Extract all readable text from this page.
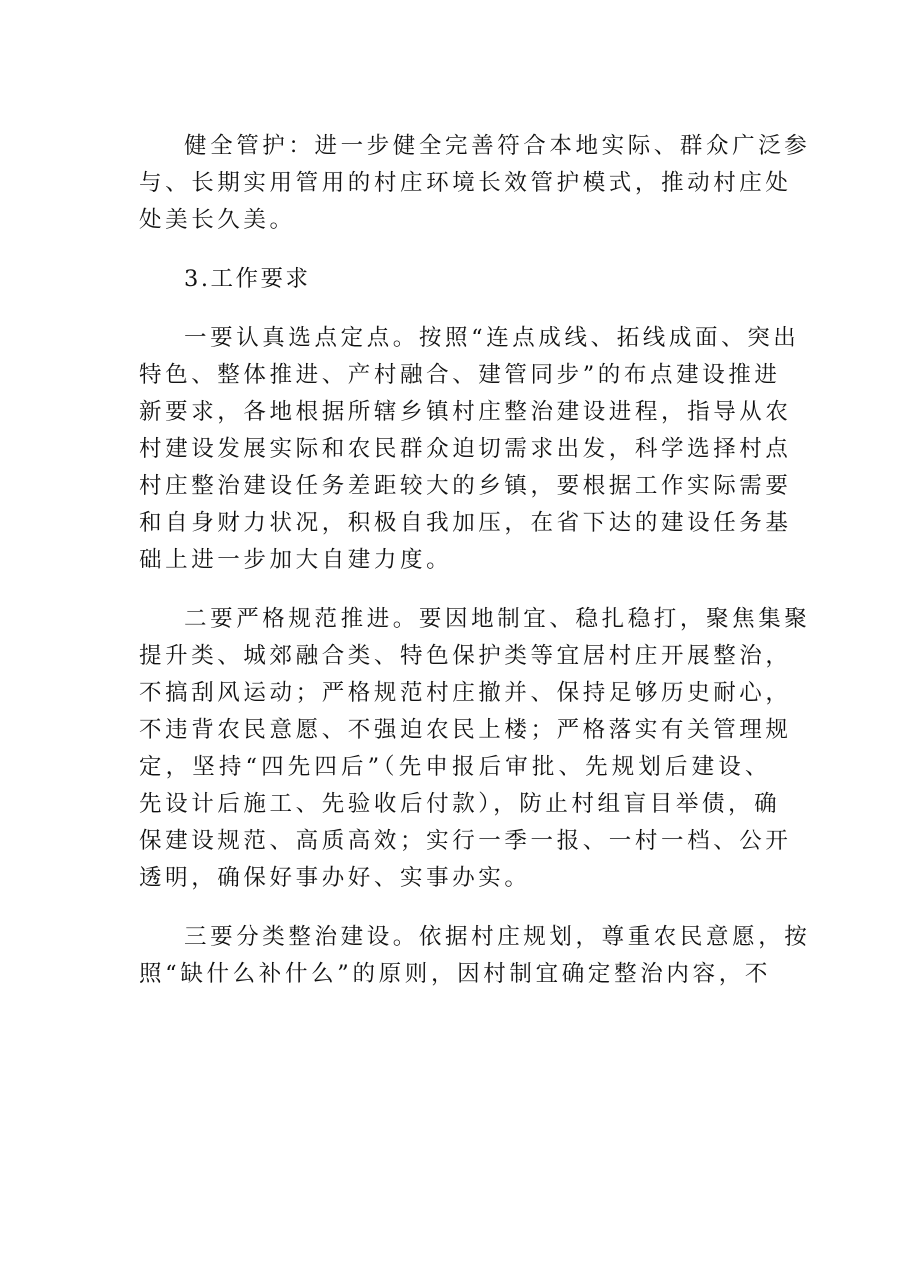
健全管护：进一步健全完善符合本地实际、群众广泛参
与、长期实用管用的村庄环境长效管护模式，推动村庄处
处美长久美。

3.工作要求

一要认真选点定点。按照“连点成线、拓线成面、突出
特色、整体推进、产村融合、建管同步”的布点建设推进
新要求，各地根据所辖乡镇村庄整治建设进程，指导从农
村建设发展实际和农民群众迫切需求出发，科学选择村点
村庄整治建设任务差距较大的乡镇，要根据工作实际需要
和自身财力状况，积极自我加压，在省下达的建设任务基
础上进一步加大自建力度。

二要严格规范推进。要因地制宜、稳扎稳打，聚焦集聚
提升类、城郊融合类、特色保护类等宜居村庄开展整治，
不搞刮风运动；严格规范村庄撤并、保持足够历史耐心，
不违背农民意愿、不强迫农民上楼；严格落实有关管理规
定，坚持“四先四后”（先申报后审批、先规划后建设、
先设计后施工、先验收后付款），防止村组盲目举债，确
保建设规范、高质高效；实行一季一报、一村一档、公开
透明，确保好事办好、实事办实。

三要分类整治建设。依据村庄规划，尊重农民意愿，按
照“缺什么补什么”的原则，因村制宜确定整治内容，不
